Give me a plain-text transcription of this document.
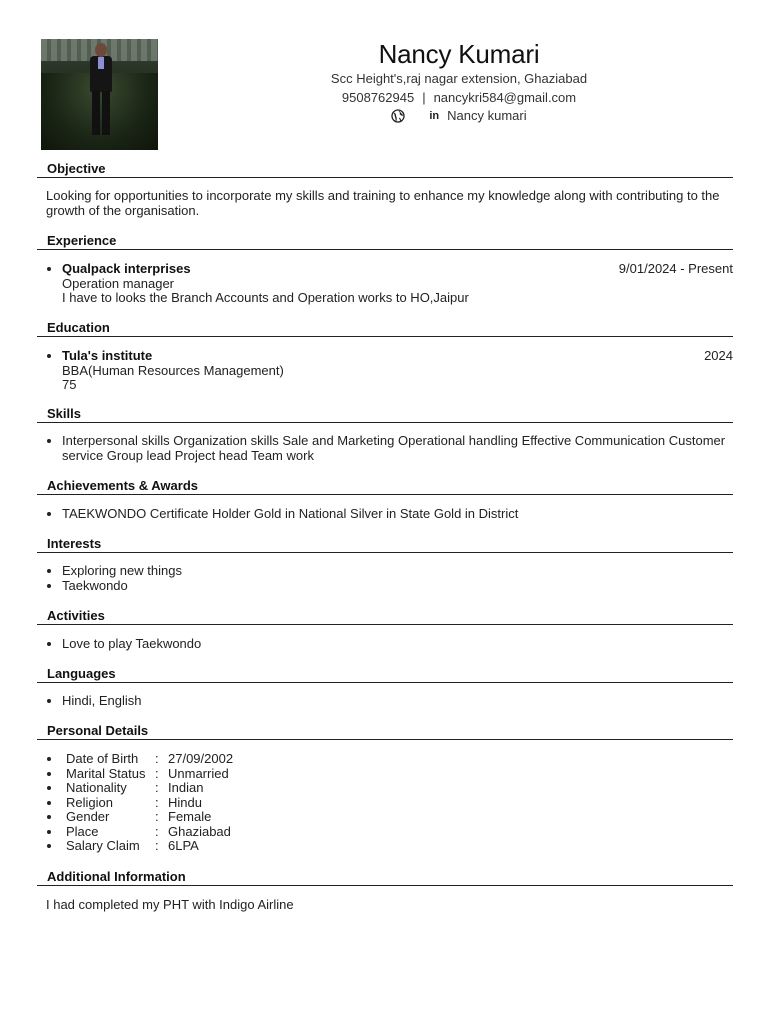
Nancy Kumari
Scc Height's,raj nagar extension, Ghaziabad
9508762945 | nancykri584@gmail.com
in Nancy kumari
Objective
Looking for opportunities to incorporate my skills and training to enhance my knowledge along with contributing to the growth of the organisation.
Experience
• Qualpack interprises	9/01/2024 - Present
Operation manager
I have to looks the Branch Accounts and Operation works to HO,Jaipur
Education
• Tula's institute	2024
BBA(Human Resources Management)
75
Skills
• Interpersonal skills Organization skills Sale and Marketing Operational handling Effective Communication Customer service Group lead Project head Team work
Achievements & Awards
• TAEKWONDO Certificate Holder Gold in National Silver in State Gold in District
Interests
• Exploring new things
• Taekwondo
Activities
• Love to play Taekwondo
Languages
• Hindi, English
Personal Details
• Date of Birth : 27/09/2002
• Marital Status : Unmarried
• Nationality : Indian
• Religion	: Hindu
• Gender	: Female
• Place	: Ghaziabad
• Salary Claim : 6LPA
Additional Information
I had completed my PHT with Indigo Airline
